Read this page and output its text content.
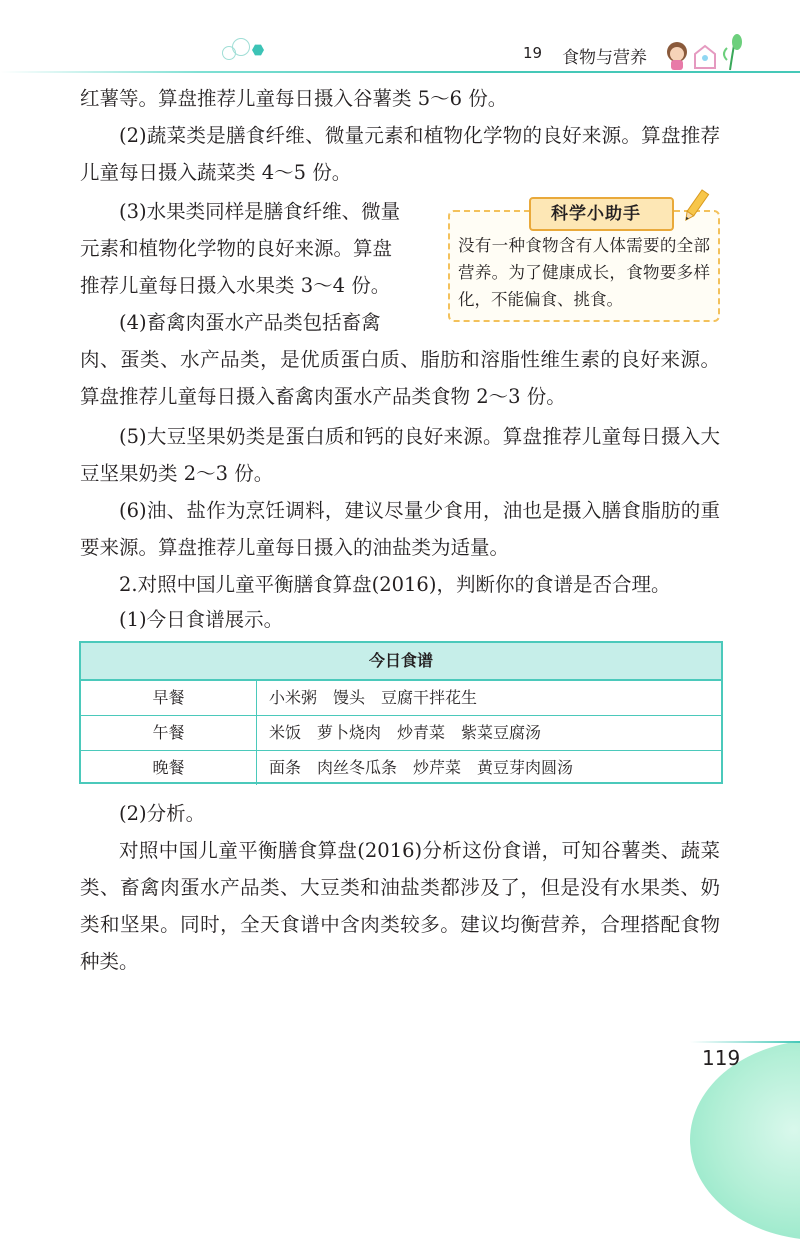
19 食物与营养

红薯等。算盘推荐儿童每日摄入谷薯类 5～6 份。

(2)蔬菜类是膳食纤维、微量元素和植物化学物的良好来源。算盘推荐儿童每日摄入蔬菜类 4～5 份。

(3)水果类同样是膳食纤维、微量

元素和植物化学物的良好来源。算盘

推荐儿童每日摄入水果类 3～4 份。

(4)畜禽肉蛋水产品类包括畜禽

肉、蛋类、水产品类，是优质蛋白质、脂肪和溶脂性维生素的良好来源。算盘推荐儿童每日摄入畜禽肉蛋水产品类食物 2～3 份。

(5)大豆坚果奶类是蛋白质和钙的良好来源。算盘推荐儿童每日摄入大豆坚果奶类 2～3 份。

(6)油、盐作为烹饪调料，建议尽量少食用，油也是摄入膳食脂肪的重要来源。算盘推荐儿童每日摄入的油盐类为适量。

2.对照中国儿童平衡膳食算盘(2016)，判断你的食谱是否合理。

(1)今日食谱展示。

科学小助手

没有一种食物含有人体需要的全部营养。为了健康成长，食物要多样化，不能偏食、挑食。

今日食谱
早餐	小米粥　馒头　豆腐干拌花生
午餐	米饭　萝卜烧肉　炒青菜　紫菜豆腐汤
晚餐	面条　肉丝冬瓜条　炒芹菜　黄豆芽肉圆汤

(2)分析。

对照中国儿童平衡膳食算盘(2016)分析这份食谱，可知谷薯类、蔬菜类、畜禽肉蛋水产品类、大豆类和油盐类都涉及了，但是没有水果类、奶类和坚果。同时，全天食谱中含肉类较多。建议均衡营养，合理搭配食物种类。

119
